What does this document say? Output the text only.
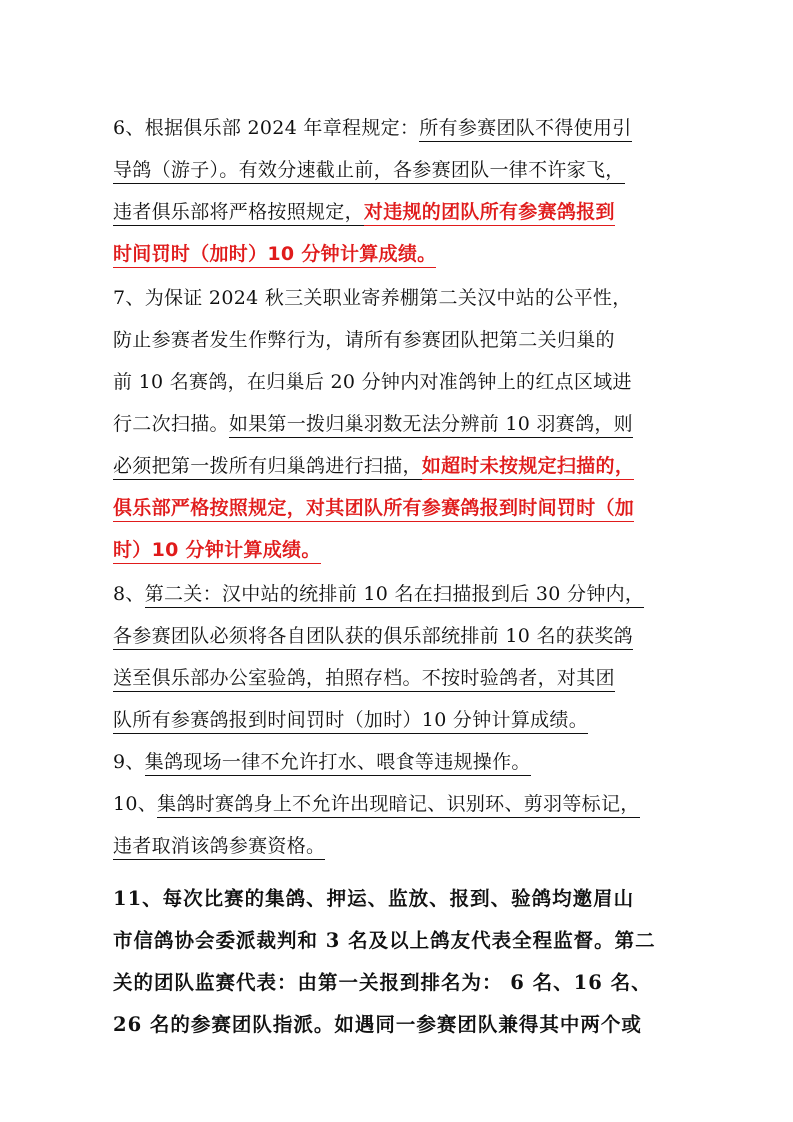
6、根据俱乐部 2024 年章程规定：所有参赛团队不得使用引
导鸽（游子）。有效分速截止前，各参赛团队一律不许家飞，
违者俱乐部将严格按照规定，对违规的团队所有参赛鸽报到
时间罚时（加时）10 分钟计算成绩。
7、为保证 2024 秋三关职业寄养棚第二关汉中站的公平性，
防止参赛者发生作弊行为，请所有参赛团队把第二关归巢的
前 10 名赛鸽，在归巢后 20 分钟内对准鸽钟上的红点区域进
行二次扫描。如果第一拨归巢羽数无法分辨前 10 羽赛鸽，则
必须把第一拨所有归巢鸽进行扫描，如超时未按规定扫描的，
俱乐部严格按照规定，对其团队所有参赛鸽报到时间罚时（加
时）10 分钟计算成绩。
8、第二关：汉中站的统排前 10 名在扫描报到后 30 分钟内，
各参赛团队必须将各自团队获的俱乐部统排前 10 名的获奖鸽
送至俱乐部办公室验鸽，拍照存档。不按时验鸽者，对其团
队所有参赛鸽报到时间罚时（加时）10 分钟计算成绩。
9、集鸽现场一律不允许打水、喂食等违规操作。
10、集鸽时赛鸽身上不允许出现暗记、识别环、剪羽等标记，
违者取消该鸽参赛资格。
11、每次比赛的集鸽、押运、监放、报到、验鸽均邀眉山
市信鸽协会委派裁判和 3 名及以上鸽友代表全程监督。第二
关的团队监赛代表：由第一关报到排名为： 6 名、16 名、
26 名的参赛团队指派。如遇同一参赛团队兼得其中两个或
